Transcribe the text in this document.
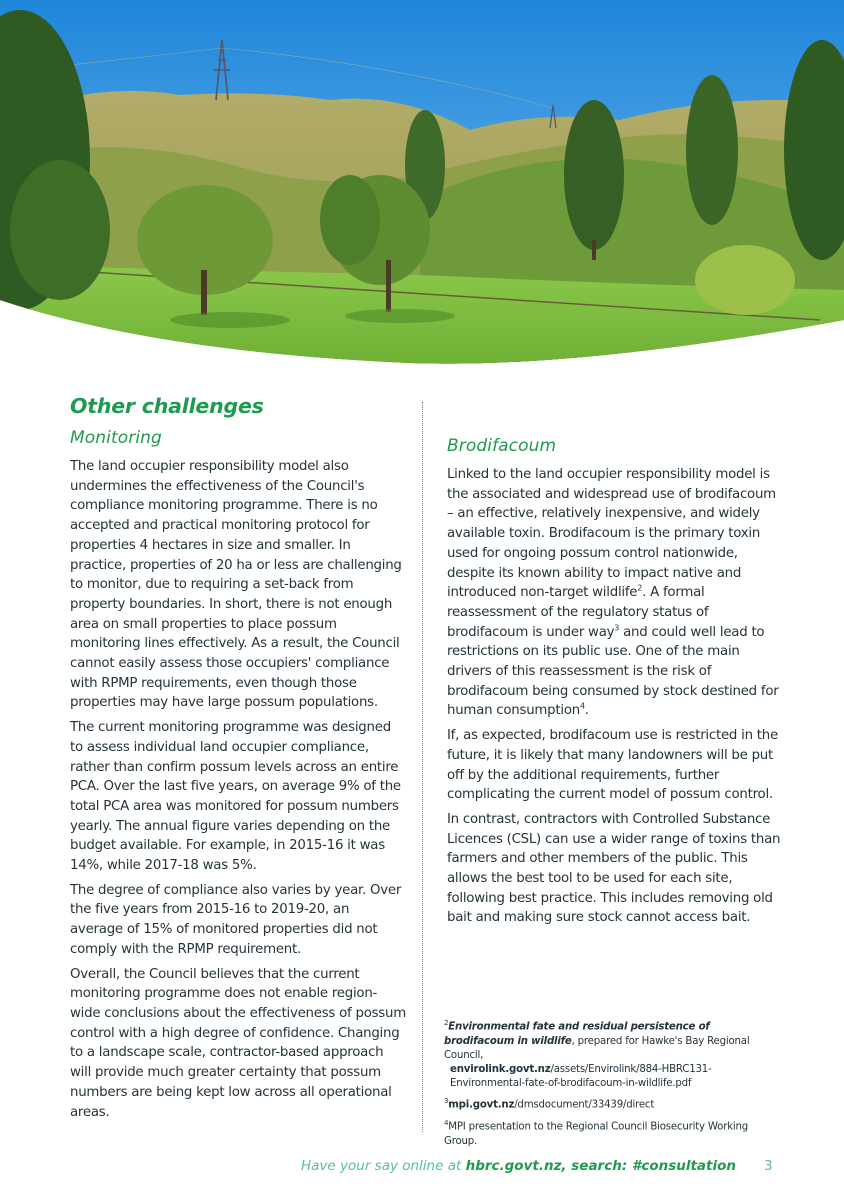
Other challenges
Monitoring

The land occupier responsibility model also undermines the effectiveness of the Council's compliance monitoring programme. There is no accepted and practical monitoring protocol for properties 4 hectares in size and smaller. In practice, properties of 20 ha or less are challenging to monitor, due to requiring a set-back from property boundaries. In short, there is not enough area on small properties to place possum monitoring lines effectively. As a result, the Council cannot easily assess those occupiers' compliance with RPMP requirements, even though those properties may have large possum populations.

The current monitoring programme was designed to assess individual land occupier compliance, rather than confirm possum levels across an entire PCA. Over the last five years, on average 9% of the total PCA area was monitored for possum numbers yearly. The annual figure varies depending on the budget available. For example, in 2015-16 it was 14%, while 2017-18 was 5%.

The degree of compliance also varies by year. Over the five years from 2015-16 to 2019-20, an average of 15% of monitored properties did not comply with the RPMP requirement.

Overall, the Council believes that the current monitoring programme does not enable region-wide conclusions about the effectiveness of possum control with a high degree of confidence. Changing to a landscape scale, contractor-based approach will provide much greater certainty that possum numbers are being kept low across all operational areas.

Brodifacoum

Linked to the land occupier responsibility model is the associated and widespread use of brodifacoum – an effective, relatively inexpensive, and widely available toxin. Brodifacoum is the primary toxin used for ongoing possum control nationwide, despite its known ability to impact native and introduced non-target wildlife$^2$. A formal reassessment of the regulatory status of brodifacoum is under way$^3$ and could well lead to restrictions on its public use. One of the main drivers of this reassessment is the risk of brodifacoum being consumed by stock destined for human consumption$^4$.

If, as expected, brodifacoum use is restricted in the future, it is likely that many landowners will be put off by the additional requirements, further complicating the current model of possum control.

In contrast, contractors with Controlled Substance Licences (CSL) can use a wider range of toxins than farmers and other members of the public. This allows the best tool to be used for each site, following best practice. This includes removing old bait and making sure stock cannot access bait.

$^2$Environmental fate and residual persistence of brodifacoum in wildlife, prepared for Hawke's Bay Regional Council,
envirolink.govt.nz/assets/Envirolink/884-HBRC131-Environmental-fate-of-brodifacoum-in-wildlife.pdf
$^3$mpi.govt.nz/dmsdocument/33439/direct
$^4$MPI presentation to the Regional Council Biosecurity Working Group.
Have your say online at hbrc.govt.nz, search: #consultation 3
